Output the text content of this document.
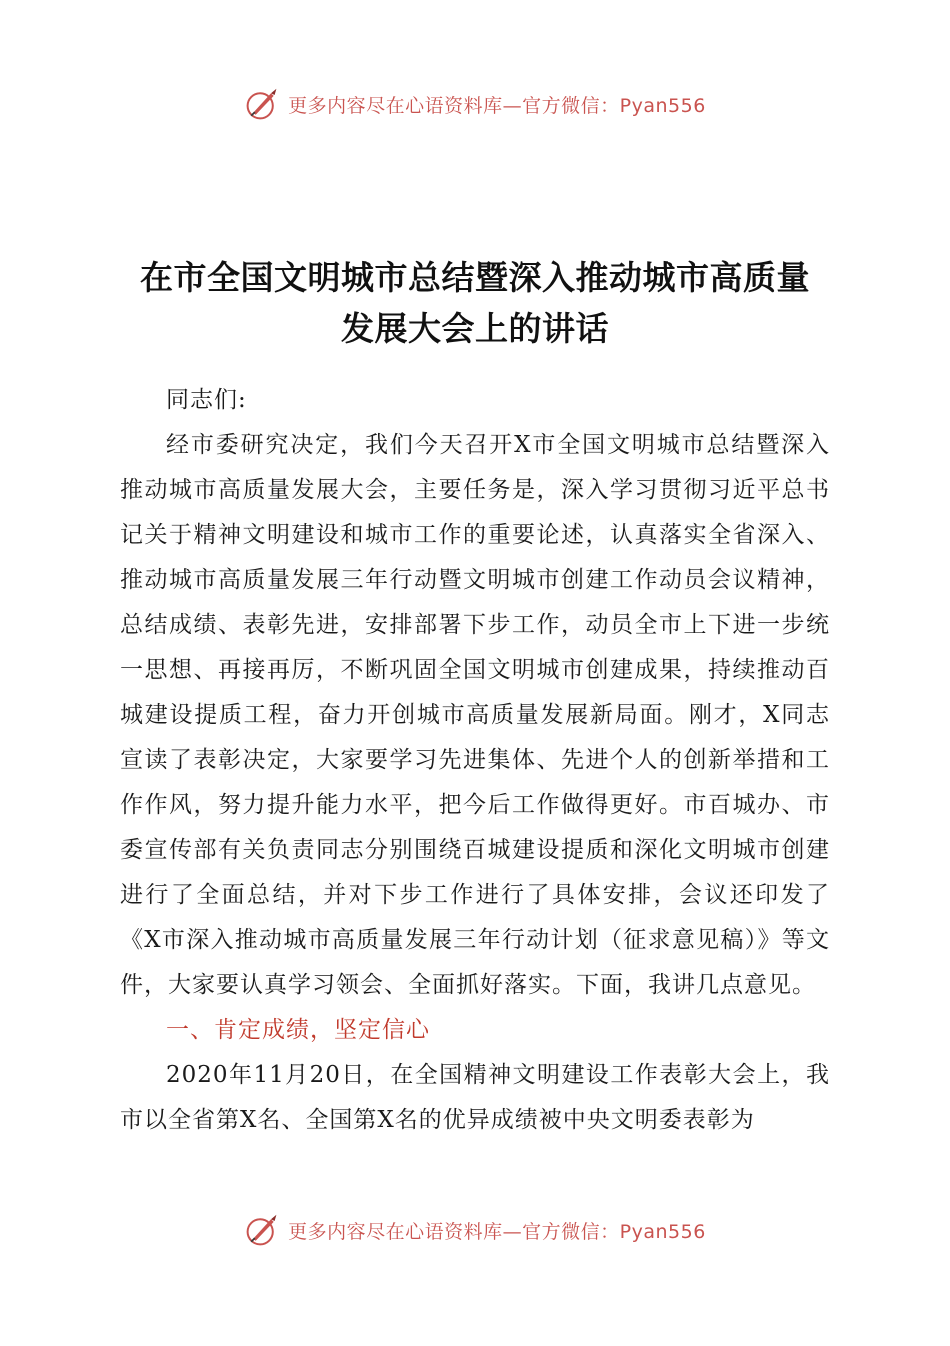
更多内容尽在心语资料库—官方微信：Pyan556
在市全国文明城市总结暨深入推动城市高质量
发展大会上的讲话

同志们:

经市委研究决定，我们今天召开X市全国文明城市总结暨深入推动城市高质量发展大会，主要任务是，深入学习贯彻习近平总书记关于精神文明建设和城市工作的重要论述，认真落实全省深入、推动城市高质量发展三年行动暨文明城市创建工作动员会议精神，总结成绩、表彰先进，安排部署下步工作，动员全市上下进一步统一思想、再接再厉，不断巩固全国文明城市创建成果，持续推动百城建设提质工程，奋力开创城市高质量发展新局面。刚才，X同志宣读了表彰决定，大家要学习先进集体、先进个人的创新举措和工作作风，努力提升能力水平，把今后工作做得更好。市百城办、市委宣传部有关负责同志分别围绕百城建设提质和深化文明城市创建进行了全面总结，并对下步工作进行了具体安排，会议还印发了《X市深入推动城市高质量发展三年行动计划（征求意见稿）》等文件，大家要认真学习领会、全面抓好落实。下面，我讲几点意见。

一、肯定成绩，坚定信心

2020年11月20日，在全国精神文明建设工作表彰大会上，我市以全省第X名、全国第X名的优异成绩被中央文明委表彰为

更多内容尽在心语资料库—官方微信：Pyan556
